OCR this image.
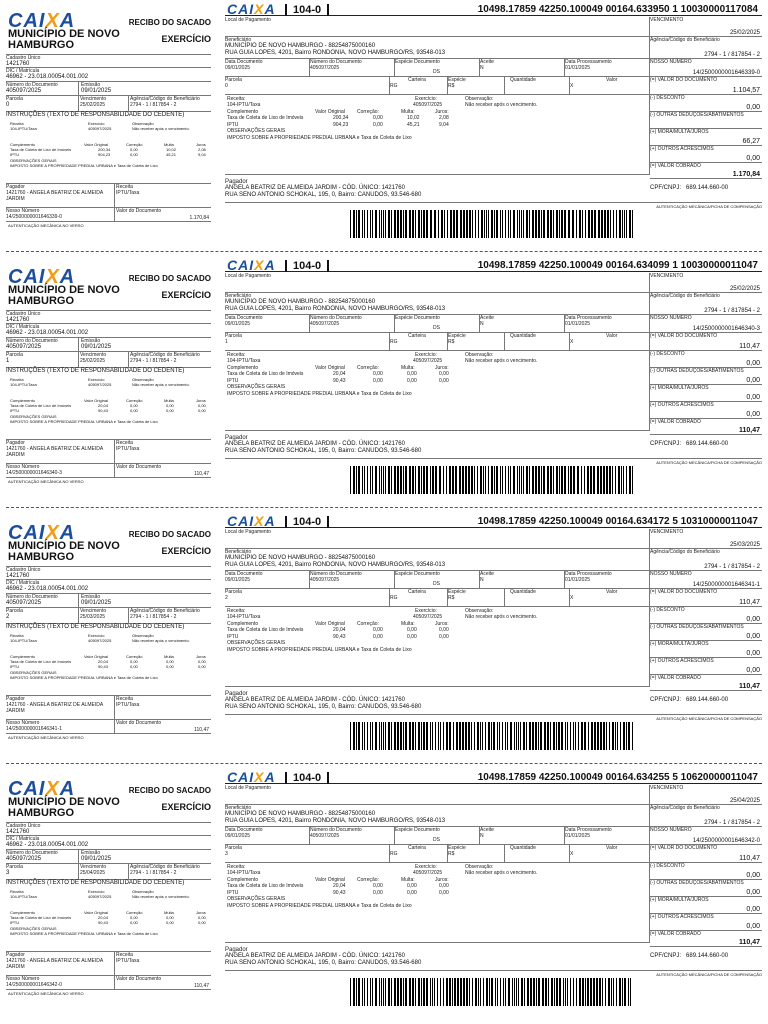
CAIXA	RECIBO DO SACADO
EXERCÍCIO
MUNICÍPIO DE NOVO HAMBURGO
Cadastro Único
1421760
DIC / Matrícula
46962 - 23.018.00054.001.002
Número do Documento
405097/2025
Emissão
09/01/2025
Parcela
0
Vencimento
25/02/2025
Agência/Código do Beneficiário
2794 - 1 / 817854 - 2
INSTRUÇÕES (TEXTO DE RESPONSABILIDADE DO CEDENTE)
Receita	Exercício	Observação
104-IPTU/Taxa	405097/2025	Não receber após o vencimento.
Complemento	Valor Original	Correção	Multa	Juros
Taxa de Coleta de Lixo de Imóveis	200,34	0,00	10,02	2,08
IPTU	904,23	0,00	45,21	9,04
OBSERVAÇÕES GERAIS
IMPOSTO SOBRE A PROPRIEDADE PREDIAL URBANA e Taxa de Coleta de Lixo
Pagador
1421760 - ANGELA BEATRIZ DE ALMEIDA JARDIM
Receita
IPTU/Taxa
Nosso Número
14/2500000001646339-0
Valor do Documento
1.170,84
AUTENTICAÇÃO MECÂNICA NO VERSO
CAIXA	104-0	10498.17859 42250.100049 00164.633950 1 10030000117084
Local de Pagamento	VENCIMENTO
25/02/2025
Beneficiário
MUNICÍPIO DE NOVO HAMBURGO - 88254875000160
RUA GUIA LOPES, 4201, Bairro RONDONIA, NOVO HAMBURGO/RS, 93548-013
Agência/Código do Beneficiário
2794 - 1 / 817854 - 2
Data Documento
09/01/2025
Número do Documento
405097/2025
Espécie Documento
DS
Aceite
N
Data Processamento
01/01/2025
NOSSO NÚMERO
14/2500000001646339-0
Parcela
0
Carteira
RG
Espécie
R$
Quantidade	Valor
X
(=) VALOR DO DOCUMENTO
1.104,57
Receita:	Exercício:	Observação:
104-IPTU/Taxa	405097/2025	Não receber após o vencimento.
Complemento	Valor Original Correção:	Multa:	Juros:
Taxa de Coleta de Lixo de Imóveis	200,34	0,00	10,02	2,08
IPTU	904,23	0,00	45,21	9,04
OBSERVAÇÕES GERAIS
IMPOSTO SOBRE A PROPRIEDADE PREDIAL URBANA e Taxa de Coleta de Lixo
(-) DESCONTO
0,00
(-) OUTRAS DEDUÇÕES/ABATIMENTOS
(+) MORA/MULTA/JUROS
66,27
(+) OUTROS ACRÉSCIMOS
0,00
(=) VALOR COBRADO
1.170,84
Pagador
ANGELA BEATRIZ DE ALMEIDA JARDIM - CÓD. ÚNICO: 1421760
RUA SENO ANTONIO SCHOKAL, 195, 0, Bairro: CANUDOS, 93.546-680
CPF/CNPJ: 689.144.660-00
AUTENTICAÇÃO MECÂNICA/FICHA DE COMPENSAÇÃO
CAIXA	RECIBO DO SACADO
EXERCÍCIO
MUNICÍPIO DE NOVO HAMBURGO
Cadastro Único
1421760
DIC / Matrícula
46962 - 23.018.00054.001.002
Número do Documento
405097/2025
Emissão
09/01/2025
Parcela
1
Vencimento
25/02/2025
Agência/Código do Beneficiário
2794 - 1 / 817854 - 2
INSTRUÇÕES (TEXTO DE RESPONSABILIDADE DO CEDENTE)
Receita	Exercício	Observação
104-IPTU/Taxa	405097/2025	Não receber após o vencimento.
Complemento	Valor Original	Correção	Multa	Juros
Taxa de Coleta de Lixo de Imóveis	20,04	0,00	0,00	0,00
IPTU	90,43	0,00	0,00	0,00
OBSERVAÇÕES GERAIS
IMPOSTO SOBRE A PROPRIEDADE PREDIAL URBANA e Taxa de Coleta de Lixo
Pagador
1421760 - ANGELA BEATRIZ DE ALMEIDA JARDIM
Receita
IPTU/Taxa
Nosso Número
14/2500000001646340-3
Valor do Documento
110,47
AUTENTICAÇÃO MECÂNICA NO VERSO
CAIXA	104-0	10498.17859 42250.100049 00164.634099 1 10030000011047
Local de Pagamento	VENCIMENTO
25/02/2025
Beneficiário
MUNICÍPIO DE NOVO HAMBURGO - 88254875000160
RUA GUIA LOPES, 4201, Bairro RONDONIA, NOVO HAMBURGO/RS, 93548-013
Agência/Código do Beneficiário
2794 - 1 / 817854 - 2
Data Documento
09/01/2025
Número do Documento
405097/2025
Espécie Documento
DS
Aceite
N
Data Processamento
01/01/2025
NOSSO NÚMERO
14/2500000001646340-3
Parcela
1
Carteira
RG
Espécie
R$
Quantidade	Valor
X
(=) VALOR DO DOCUMENTO
110,47
Receita:	Exercício:	Observação:
104-IPTU/Taxa	405097/2025	Não receber após o vencimento.
Complemento	Valor Original Correção:	Multa:	Juros:
Taxa de Coleta de Lixo de Imóveis	20,04	0,00	0,00	0,00
IPTU	90,43	0,00	0,00	0,00
OBSERVAÇÕES GERAIS
IMPOSTO SOBRE A PROPRIEDADE PREDIAL URBANA e Taxa de Coleta de Lixo
(-) DESCONTO
0,00
(-) OUTRAS DEDUÇÕES/ABATIMENTOS
0,00
(+) MORA/MULTA/JUROS
0,00
(+) OUTROS ACRÉSCIMOS
0,00
(=) VALOR COBRADO
110,47
Pagador
ANGELA BEATRIZ DE ALMEIDA JARDIM - CÓD. ÚNICO: 1421760
RUA SENO ANTONIO SCHOKAL, 195, 0, Bairro: CANUDOS, 93.546-680
CPF/CNPJ: 689.144.660-00
AUTENTICAÇÃO MECÂNICA/FICHA DE COMPENSAÇÃO
CAIXA	RECIBO DO SACADO
EXERCÍCIO
MUNICÍPIO DE NOVO HAMBURGO
Cadastro Único
1421760
DIC / Matrícula
46962 - 23.018.00054.001.002
Número do Documento
405097/2025
Emissão
09/01/2025
Parcela
2
Vencimento
25/03/2025
Agência/Código do Beneficiário
2794 - 1 / 817854 - 2
INSTRUÇÕES (TEXTO DE RESPONSABILIDADE DO CEDENTE)
Receita	Exercício	Observação
104-IPTU/Taxa	405097/2025	Não receber após o vencimento.
Complemento	Valor Original	Correção	Multa	Juros
Taxa de Coleta de Lixo de Imóveis	20,04	0,00	0,00	0,00
IPTU	90,43	0,00	0,00	0,00
OBSERVAÇÕES GERAIS
IMPOSTO SOBRE A PROPRIEDADE PREDIAL URBANA e Taxa de Coleta de Lixo
Pagador
1421760 - ANGELA BEATRIZ DE ALMEIDA JARDIM
Receita
IPTU/Taxa
Nosso Número
14/2500000001646341-1
Valor do Documento
110,47
AUTENTICAÇÃO MECÂNICA NO VERSO
CAIXA	104-0	10498.17859 42250.100049 00164.634172 5 10310000011047
Local de Pagamento	VENCIMENTO
25/03/2025
Beneficiário
MUNICÍPIO DE NOVO HAMBURGO - 88254875000160
RUA GUIA LOPES, 4201, Bairro RONDONIA, NOVO HAMBURGO/RS, 93548-013
Agência/Código do Beneficiário
2794 - 1 / 817854 - 2
Data Documento
09/01/2025
Número do Documento
405097/2025
Espécie Documento
DS
Aceite
N
Data Processamento
01/01/2025
NOSSO NÚMERO
14/2500000001646341-1
Parcela
2
Carteira
RG
Espécie
R$
Quantidade	Valor
X
(=) VALOR DO DOCUMENTO
110,47
Receita:	Exercício:	Observação:
104-IPTU/Taxa	405097/2025	Não receber após o vencimento.
Complemento	Valor Original Correção:	Multa:	Juros:
Taxa de Coleta de Lixo de Imóveis	20,04	0,00	0,00	0,00
IPTU	90,43	0,00	0,00	0,00
OBSERVAÇÕES GERAIS
IMPOSTO SOBRE A PROPRIEDADE PREDIAL URBANA e Taxa de Coleta de Lixo
(-) DESCONTO
0,00
(-) OUTRAS DEDUÇÕES/ABATIMENTOS
0,00
(+) MORA/MULTA/JUROS
0,00
(+) OUTROS ACRÉSCIMOS
0,00
(=) VALOR COBRADO
110,47
Pagador
ANGELA BEATRIZ DE ALMEIDA JARDIM - CÓD. ÚNICO: 1421760
RUA SENO ANTONIO SCHOKAL, 195, 0, Bairro: CANUDOS, 93.546-680
CPF/CNPJ: 689.144.660-00
AUTENTICAÇÃO MECÂNICA/FICHA DE COMPENSAÇÃO
CAIXA	RECIBO DO SACADO
EXERCÍCIO
MUNICÍPIO DE NOVO HAMBURGO
Cadastro Único
1421760
DIC / Matrícula
46962 - 23.018.00054.001.002
Número do Documento
405097/2025
Emissão
09/01/2025
Parcela
3
Vencimento
25/04/2025
Agência/Código do Beneficiário
2794 - 1 / 817854 - 2
INSTRUÇÕES (TEXTO DE RESPONSABILIDADE DO CEDENTE)
Receita	Exercício	Observação
104-IPTU/Taxa	405097/2025	Não receber após o vencimento.
Complemento	Valor Original	Correção	Multa	Juros
Taxa de Coleta de Lixo de Imóveis	20,04	0,00	0,00	0,00
IPTU	90,43	0,00	0,00	0,00
OBSERVAÇÕES GERAIS
IMPOSTO SOBRE A PROPRIEDADE PREDIAL URBANA e Taxa de Coleta de Lixo
Pagador
1421760 - ANGELA BEATRIZ DE ALMEIDA JARDIM
Receita
IPTU/Taxa
Nosso Número
14/2500000001646342-0
Valor do Documento
110,47
AUTENTICAÇÃO MECÂNICA NO VERSO
CAIXA	104-0	10498.17859 42250.100049 00164.634255 5 10620000011047
Local de Pagamento	VENCIMENTO
25/04/2025
Beneficiário
MUNICÍPIO DE NOVO HAMBURGO - 88254875000160
RUA GUIA LOPES, 4201, Bairro RONDONIA, NOVO HAMBURGO/RS, 93548-013
Agência/Código do Beneficiário
2794 - 1 / 817854 - 2
Data Documento
09/01/2025
Número do Documento
405097/2025
Espécie Documento
DS
Aceite
N
Data Processamento
01/01/2025
NOSSO NÚMERO
14/2500000001646342-0
Parcela
3
Carteira
RG
Espécie
R$
Quantidade	Valor
X
(=) VALOR DO DOCUMENTO
110,47
Receita:	Exercício:	Observação:
104-IPTU/Taxa	405097/2025	Não receber após o vencimento.
Complemento	Valor Original Correção:	Multa:	Juros:
Taxa de Coleta de Lixo de Imóveis	20,04	0,00	0,00	0,00
IPTU	90,43	0,00	0,00	0,00
OBSERVAÇÕES GERAIS
IMPOSTO SOBRE A PROPRIEDADE PREDIAL URBANA e Taxa de Coleta de Lixo
(-) DESCONTO
0,00
(-) OUTRAS DEDUÇÕES/ABATIMENTOS
0,00
(+) MORA/MULTA/JUROS
0,00
(+) OUTROS ACRÉSCIMOS
0,00
(=) VALOR COBRADO
110,47
Pagador
ANGELA BEATRIZ DE ALMEIDA JARDIM - CÓD. ÚNICO: 1421760
RUA SENO ANTONIO SCHOKAL, 195, 0, Bairro: CANUDOS, 93.546-680
CPF/CNPJ: 689.144.660-00
AUTENTICAÇÃO MECÂNICA/FICHA DE COMPENSAÇÃO
